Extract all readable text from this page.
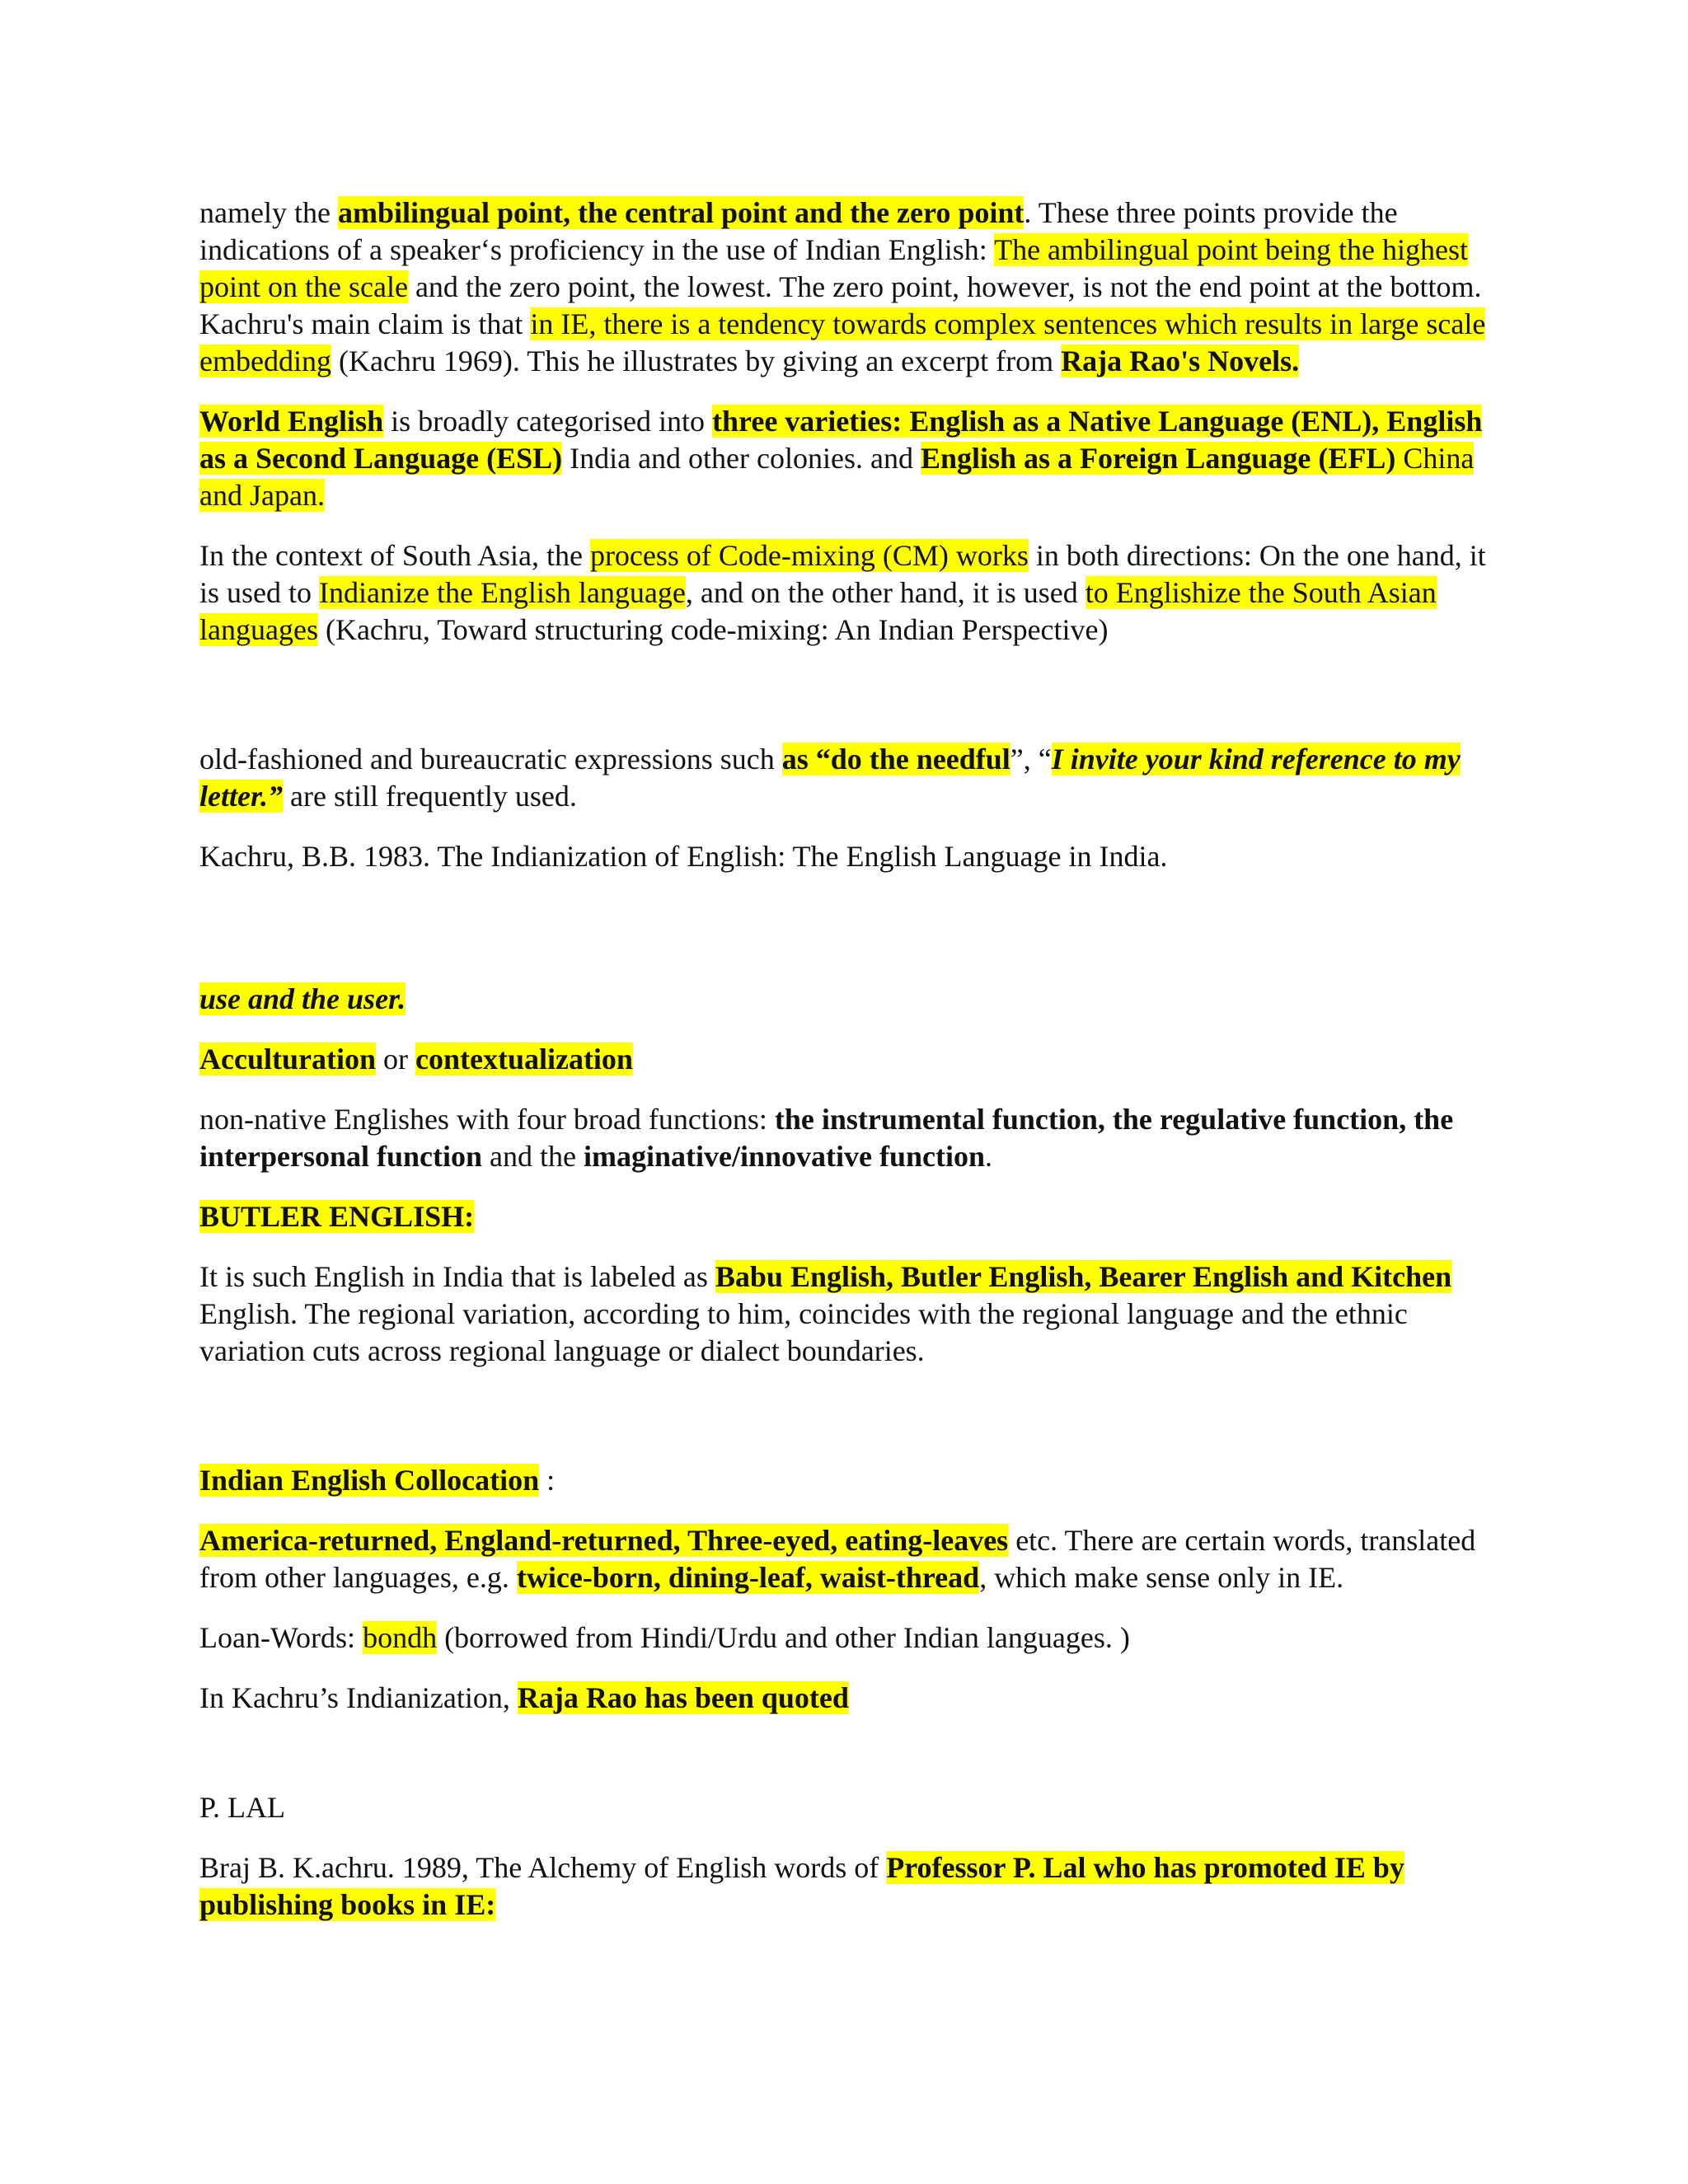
namely the ambilingual point, the central point and the zero point. These three points provide the indications of a speaker‘s proficiency in the use of Indian English: The ambilingual point being the highest point on the scale and the zero point, the lowest. The zero point, however, is not the end point at the bottom. Kachru's main claim is that in IE, there is a tendency towards complex sentences which results in large scale embedding (Kachru 1969). This he illustrates by giving an excerpt from Raja Rao's Novels.

World English is broadly categorised into three varieties: English as a Native Language (ENL), English as a Second Language (ESL) India and other colonies. and English as a Foreign Language (EFL) China and Japan.

In the context of South Asia, the process of Code-mixing (CM) works in both directions: On the one hand, it is used to Indianize the English language, and on the other hand, it is used to Englishize the South Asian languages (Kachru, Toward structuring code-mixing: An Indian Perspective)

old-fashioned and bureaucratic expressions such as “do the needful”, “I invite your kind reference to my letter.” are still frequently used.

Kachru, B.B. 1983. The Indianization of English: The English Language in India.

use and the user.

Acculturation or contextualization

non-native Englishes with four broad functions: the instrumental function, the regulative function, the interpersonal function and the imaginative/innovative function.

BUTLER ENGLISH:

It is such English in India that is labeled as Babu English, Butler English, Bearer English and Kitchen English. The regional variation, according to him, coincides with the regional language and the ethnic variation cuts across regional language or dialect boundaries.

Indian English Collocation :

America-returned, England-returned, Three-eyed, eating-leaves etc. There are certain words, translated from other languages, e.g. twice-born, dining-leaf, waist-thread, which make sense only in IE.

Loan-Words: bondh (borrowed from Hindi/Urdu and other Indian languages. )

In Kachru’s Indianization, Raja Rao has been quoted

P. LAL

Braj B. K.achru. 1989, The Alchemy of English words of Professor P. Lal who has promoted IE by publishing books in IE:
